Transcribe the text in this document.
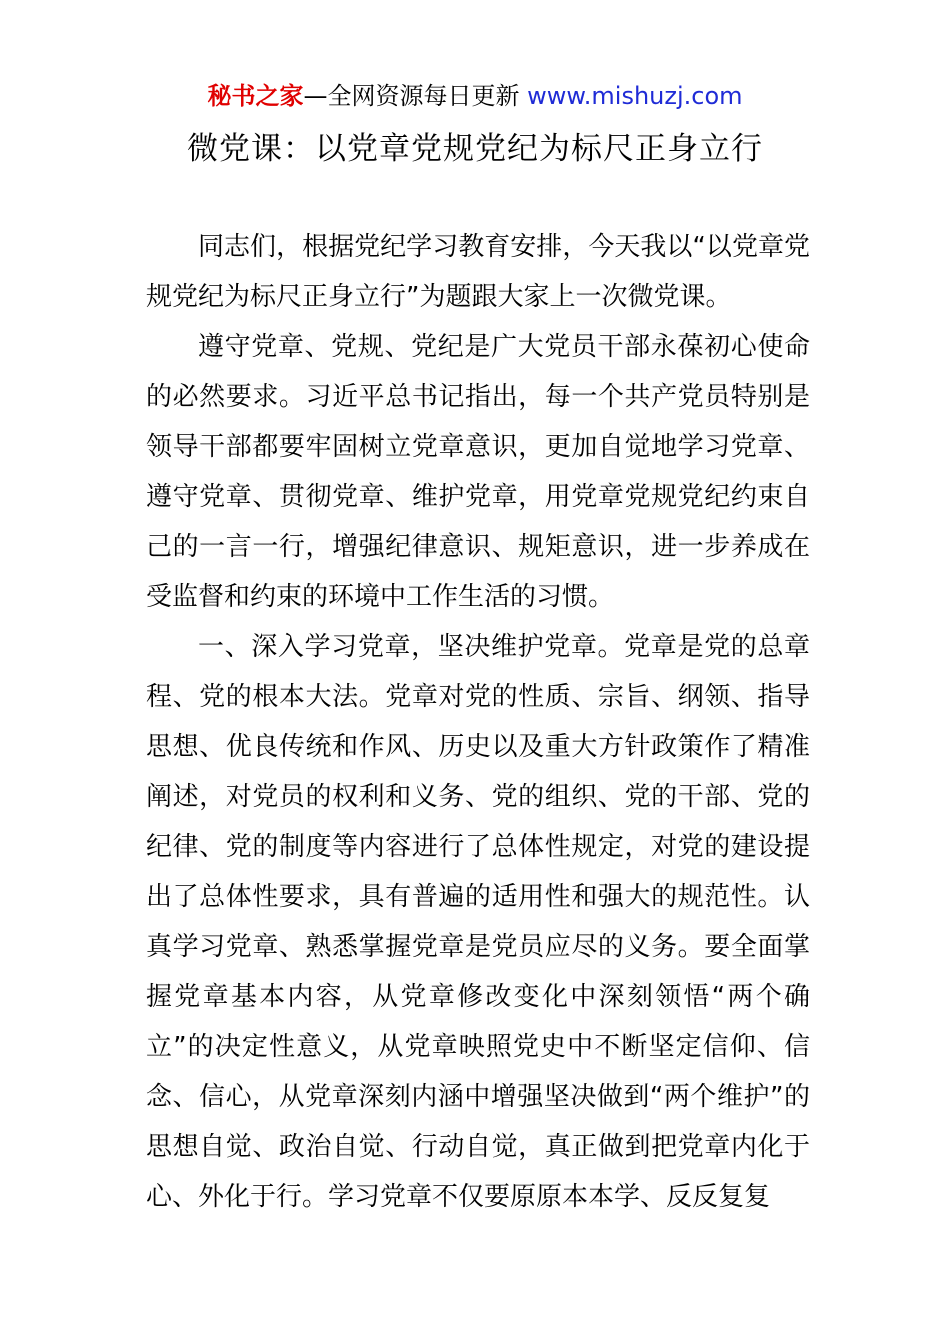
秘书之家—全网资源每日更新 www.mishuzj.com
微党课：以党章党规党纪为标尺正身立行

同志们，根据党纪学习教育安排，今天我以“以党章党规党纪为标尺正身立行”为题跟大家上一次微党课。

遵守党章、党规、党纪是广大党员干部永葆初心使命的必然要求。习近平总书记指出，每一个共产党员特别是领导干部都要牢固树立党章意识，更加自觉地学习党章、遵守党章、贯彻党章、维护党章，用党章党规党纪约束自己的一言一行，增强纪律意识、规矩意识，进一步养成在受监督和约束的环境中工作生活的习惯。

一、深入学习党章，坚决维护党章。党章是党的总章程、党的根本大法。党章对党的性质、宗旨、纲领、指导思想、优良传统和作风、历史以及重大方针政策作了精准阐述，对党员的权利和义务、党的组织、党的干部、党的纪律、党的制度等内容进行了总体性规定，对党的建设提出了总体性要求，具有普遍的适用性和强大的规范性。认真学习党章、熟悉掌握党章是党员应尽的义务。要全面掌握党章基本内容，从党章修改变化中深刻领悟“两个确立”的决定性意义，从党章映照党史中不断坚定信仰、信念、信心，从党章深刻内涵中增强坚决做到“两个维护”的思想自觉、政治自觉、行动自觉，真正做到把党章内化于心、外化于行。学习党章不仅要原原本本学、反反复复
